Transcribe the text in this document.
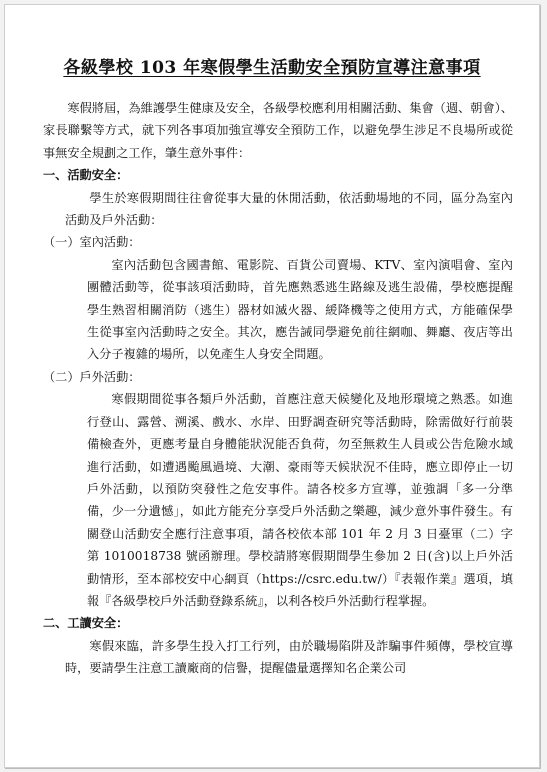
各級學校 103 年寒假學生活動安全預防宣導注意事項

寒假將屆，為維護學生健康及安全，各級學校應利用相關活動、集會（週、朝會）、家長聯繫等方式，就下列各事項加強宣導安全預防工作，以避免學生涉足不良場所或從事無安全規劃之工作，肇生意外事件：

一、活動安全：

學生於寒假期間往往會從事大量的休閒活動，依活動場地的不同，區分為室內活動及戶外活動：

（一）室內活動：

室內活動包含國書館、電影院、百貨公司賣場、KTV、室內演唱會、室內團體活動等，從事該項活動時，首先應熟悉逃生路線及逃生設備，學校應提醒學生熟習相關消防（逃生）器材如滅火器、緩降機等之使用方式，方能確保學生從事室內活動時之安全。其次，應告誡同學避免前往網咖、舞廳、夜店等出入分子複雜的場所，以免產生人身安全問題。

（二）戶外活動：

寒假期間從事各類戶外活動，首應注意天候變化及地形環境之熟悉。如進行登山、露營、溯溪、戲水、水岸、田野調查研究等活動時，除需做好行前裝備檢查外，更應考量自身體能狀況能否負荷，勿至無救生人員或公告危險水域進行活動，如遭遇颱風過境、大潮、豪雨等天候狀況不佳時，應立即停止一切戶外活動，以預防突發性之危安事件。請各校多方宣導，並強調「多一分準備，少一分遺憾」，如此方能充分享受戶外活動之樂趣，減少意外事件發生。有關登山活動安全應行注意事項，請各校依本部 101 年 2 月 3 日臺軍（二）字第 1010018738 號函辦理。學校請將寒假期間學生參加 2 日(含)以上戶外活動情形，至本部校安中心網頁（https://csrc.edu.tw/）『表報作業』選項，填報『各級學校戶外活動登錄系統』，以利各校戶外活動行程掌握。

二、工讀安全：

寒假來臨，許多學生投入打工行列，由於職場陷阱及詐騙事件頻傳，學校宣導時，要請學生注意工讀廠商的信譽，提醒儘量選擇知名企業公司
